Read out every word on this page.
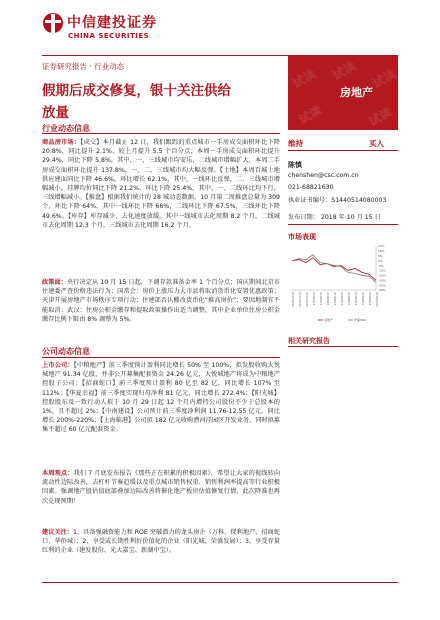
中信建投证券
CHINA SECURITIES
试读 试读 试读
试读	试读
房地产
证券研究报告 · 行业动态
假期后成交修复，银十关注供给
放量
行业动态信息
商品房市场：【成交】本月截止 12 日，我们跟踪的重点城市一手房成交面积环比下降 20.8%，同比提升 2.1%，较上月提升 5.5 个百分点；本周一手房成交面积环比提升 29.4%，同比下降 5.8%，其中，一、三线城市均安乐，二线城市增幅扩大，本周二手房成交面积环比提升 137.8%，一、二、三线城市均大幅反弹。【土地】本周百城土地供应建面同比下降 46.6%，环比增长 62.1%，其中，一线环比反弹，二、三线城市增幅减小，挂牌均价同比下降 21.2%，环比下降 25.4%，其中，一、二线环比均下行，三线增幅减小。【推盘】根据我们统计的 28 城动态数据，10 月第二周推盘总量为 309 个，环比下降 64%，其中一线环比下降 66%，二线环比下降 67.5%，三线环比下降 49.6%。【库存】库存减少，去化速度放缓。其中一线城市去化周期 8.2 个月，二线城市去化周期 12.3 个月，三线城市去化周期 16.2 个月。
政策面：央行决定从 10 月 15 日起，下调存款准备金率 1 个百分点；国庆期间北京市住建委严查价格违法行为；国常会：房价上涨压力大市县将取消货币化安置优惠政策；天津开展房地产市场秩序专项行动；住建部否认棚改货币化“推高房价”；要因地制宜不能取消；武汉：住房公积金缴存和提取政策操作出适当调整，其中企业单位住房公积金缴存比例下限由 8% 调整为 5%。
公司动态信息
上市公司：【中粮地产】前三季度预计盈利同比增长 50% 至 100%，拟发股收购大悦城地产 91.34 亿股，并非公开募集配套资金 24.26 亿元，大悦城地产将成为中粮地产控股子公司；【招商蛇口】前三季度预计盈利 80 亿至 82 亿，同比增长 107% 至 112%；【华夏幸福】前三季度实现归母净利 81 亿元，同比增长 272.4%；【阳光城】控股股东及一致行动人拟于 10 月 29 日起 12 个月内增持公司股份不少于总股本的 1%，且不超过 2%；【中南建设】公司预计前三季度净利润 11.76-12.55 亿元，同比增长 200%-220%；【上海临港】公司拟 182 亿元收购漕河泾园区开发业务，同时拟募集不超过 60 亿元配套资金。
本周观点：我们 7 月底发布报告《那些正在积累的积极因素》，希望让大家的视线转向流动性边际改善，去杠杆节奏趋缓以及重点城市销售权重、销售利润率提高等行业积极因素。强调地产股估值底部叠加边际改善将催化地产板块估值修复行情，此次降准也再次兑现预期！
建议关注：1、具备强融资能力和 ROE 突破潜力的龙头房企（万科、保利地产、招商蛇口、华侨城）；2、享受或长期性利好价值化的企业（阳光城、荣盛发展）；3、享受存量红利的企业（建发股份、光大嘉宝、新湖中宝）。
维持	买入
陈慎
chenshen@csc.com.cn
021-68821630
执业证书编号：S1440514080003
发布日期： 2018 年 10 月 15 日
市场表现
15%
10%
5%
0%
-5%
-10%
-15%
-20%
-25%
-30%
2017/10/13	2017/11/13	2017/12/13	2018/1/13	2018/2/13	2018/3/13	2018/4/13	2018/5/13	2018/6/13	2018/7/13	2018/8/13	2018/9/13	2018/10/13
房地产	沪深300
相关研究报告
